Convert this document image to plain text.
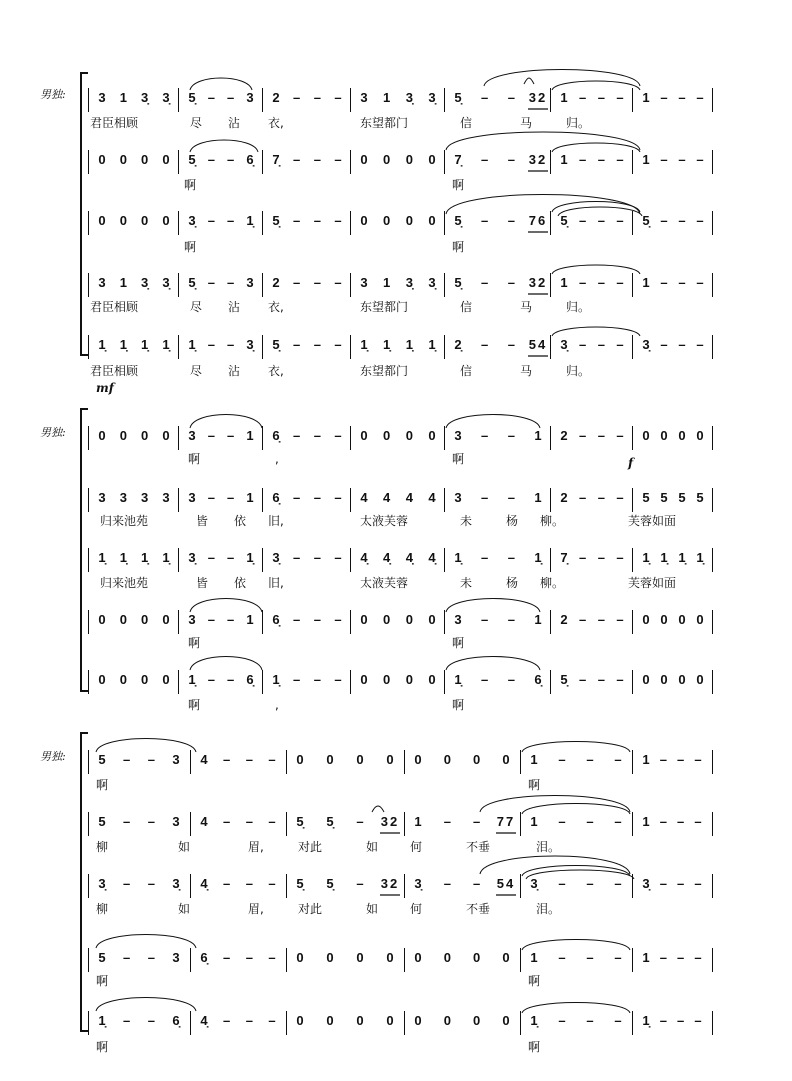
3 1 3̣ 3̣ 5̣ – – 3 2 – – – 3 1 3̣ 3̣ 5̣ – – 32 1 – – – 1 – – –
君臣相顾	尽 沾 衣,	东望都门	信	马	归。
0 0 0 0 5̣ – – 6̣ 7̣ – – – 0 0 0 0 7̣ – – 32 1 – – – 1 – – –
啊	啊
0 0 0 0 3̣ – – 1̣ 5̣ – – – 0 0 0 0 5̣ – – 76 5̣ – – – 5̣ – – –
啊	啊
3 1 3̣ 3̣ 5̣ – – 3 2 – – – 3 1 3̣ 3̣ 5̣ – – 32 1 – – – 1 – – –
君臣相顾	尽 沾 衣,	东望都门	信	马	归。
1̣ 1̣ 1̣ 1̣ 1̣ – – 3̣ 5̣ – – – 1̣ 1̣ 1̣ 1̣ 2̣ – – 54 3̣ – – – 3̣ – – –
君臣相顾	尽 沾 衣,	东望都门	信	马	归。
0 0 0 0 3 – – 1 6̣ – – – 0 0 0 0 3 – – 1 2 – – – 0 0 0 0
啊	,	啊
3 3 3 3 3 – – 1 6̣ – – – 4 4 4 4 3 – – 1 2 – – – 5 5 5 5
归来池苑	皆 依 旧,	太液芙蓉	未	杨 柳。	芙蓉如面
1̣ 1̣ 1̣ 1̣ 3̣ – – 1̣ 3̣ – – – 4̣ 4̣ 4̣ 4̣ 1̣ – – 1̣ 7̣ – – – 1̣ 1̣ 1̣ 1̣
归来池苑	皆 依 旧,	太液芙蓉	未	杨 柳。	芙蓉如面
0 0 0 0 3 – – 1 6̣ – – – 0 0 0 0 3 – – 1 2 – – – 0 0 0 0
啊	啊
0 0 0 0 1̣ – – 6̣ 1̣ – – – 0 0 0 0 1̣ – – 6̣ 5̣ – – – 0 0 0 0
啊	,	啊
5 – – 3 4 – – – 0 0 0 0 0 0 0 0 1 – – – 1 – – –
啊	啊
5 – – 3 4 – – – 5̣ 5̣ – 32 1 – – 77 1 – – – 1 – – –
柳	如	眉,	对此	如	何	不垂	泪。
3̣ – – 3̣ 4̣ – – – 5̣ 5̣ – 32 3̣ – – 54 3̣ – – – 3̣ – – –
柳	如	眉,	对此	如	何	不垂	泪。
5 – – 3 6̣ – – – 0 0 0 0 0 0 0 0 1 – – – 1 – – –
啊	啊
1̣ – – 6̣ 4̣ – – – 0 0 0 0 0 0 0 0 1̣ – – – 1̣ – – –
啊	啊
男独:
男独:
男独:
mf
f
